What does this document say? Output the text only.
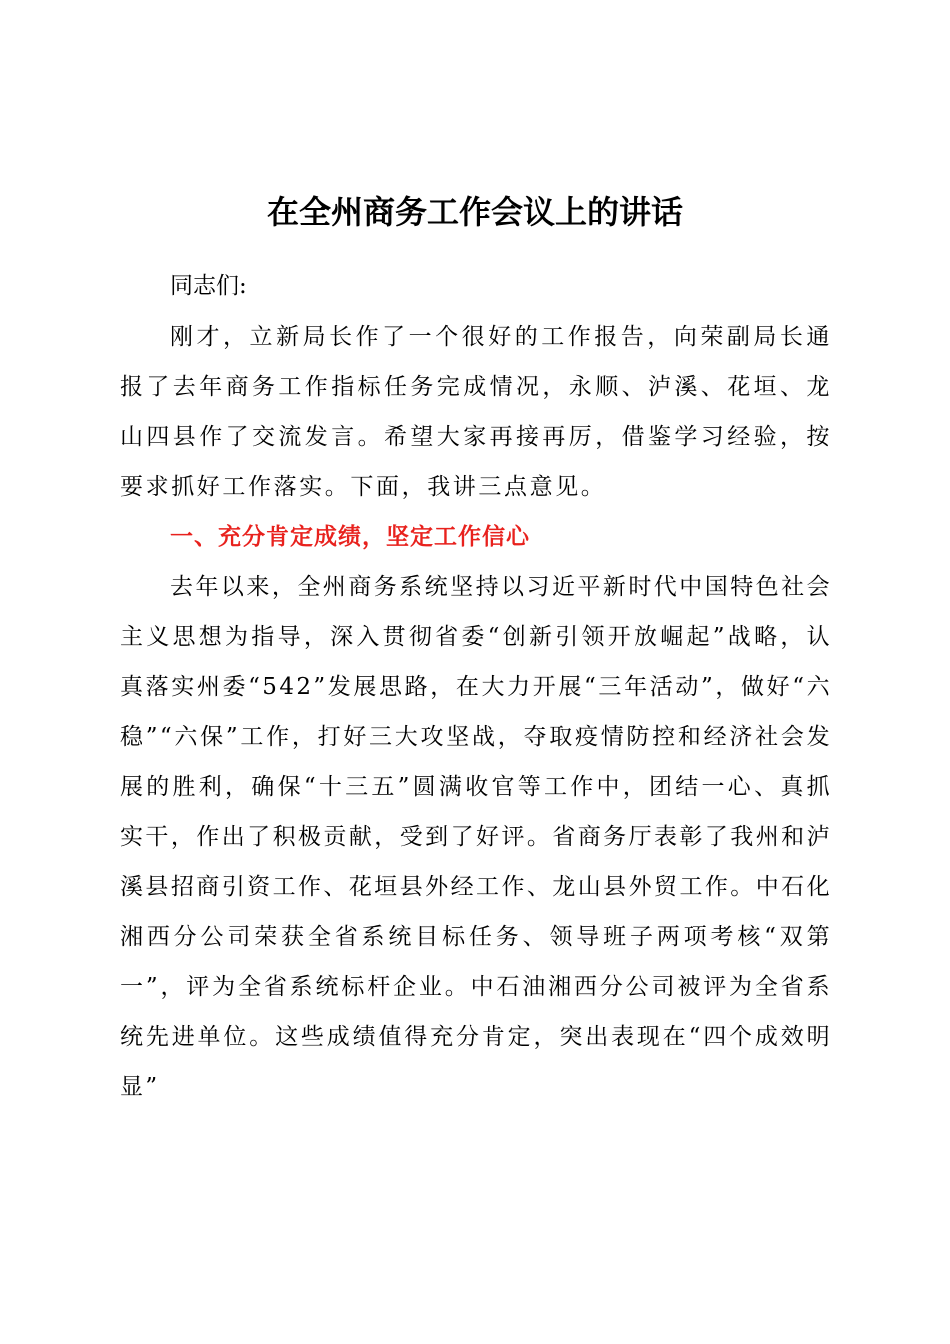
在全州商务工作会议上的讲话

同志们:

刚才，立新局长作了一个很好的工作报告，向荣副局长通报了去年商务工作指标任务完成情况，永顺、泸溪、花垣、龙山四县作了交流发言。希望大家再接再厉，借鉴学习经验，按要求抓好工作落实。下面，我讲三点意见。

一、充分肯定成绩，坚定工作信心

去年以来，全州商务系统坚持以习近平新时代中国特色社会主义思想为指导，深入贯彻省委“创新引领开放崛起”战略，认真落实州委“542”发展思路，在大力开展“三年活动”，做好“六稳”“六保”工作，打好三大攻坚战，夺取疫情防控和经济社会发展的胜利，确保“十三五”圆满收官等工作中，团结一心、真抓实干，作出了积极贡献，受到了好评。省商务厅表彰了我州和泸溪县招商引资工作、花垣县外经工作、龙山县外贸工作。中石化湘西分公司荣获全省系统目标任务、领导班子两项考核“双第一”，评为全省系统标杆企业。中石油湘西分公司被评为全省系统先进单位。这些成绩值得充分肯定，突出表现在“四个成效明显”
